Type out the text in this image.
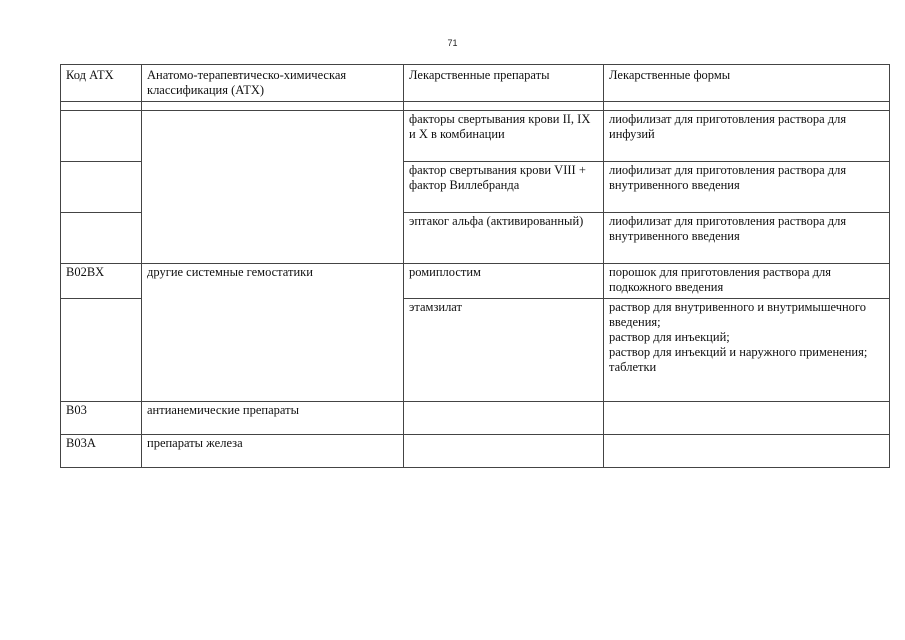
71
Код АТХ	Анатомо-терапевтическо-химическая классификация (АТХ)	Лекарственные препараты	Лекарственные формы

		факторы свертывания крови II, IX и X в комбинации	лиофилизат для приготовления раствора для инфузий
		фактор свертывания крови VIII + фактор Виллебранда	лиофилизат для приготовления раствора для внутривенного введения
		эптаког альфа (активированный)	лиофилизат для приготовления раствора для внутривенного введения
B02BX	другие системные гемостатики	ромиплостим	порошок для приготовления раствора для подкожного введения
		этамзилат	раствор для внутривенного и внутримышечного введения;
раствор для инъекций;
раствор для инъекций и наружного применения;
таблетки

B03	антианемические препараты		
B03A	препараты железа		
